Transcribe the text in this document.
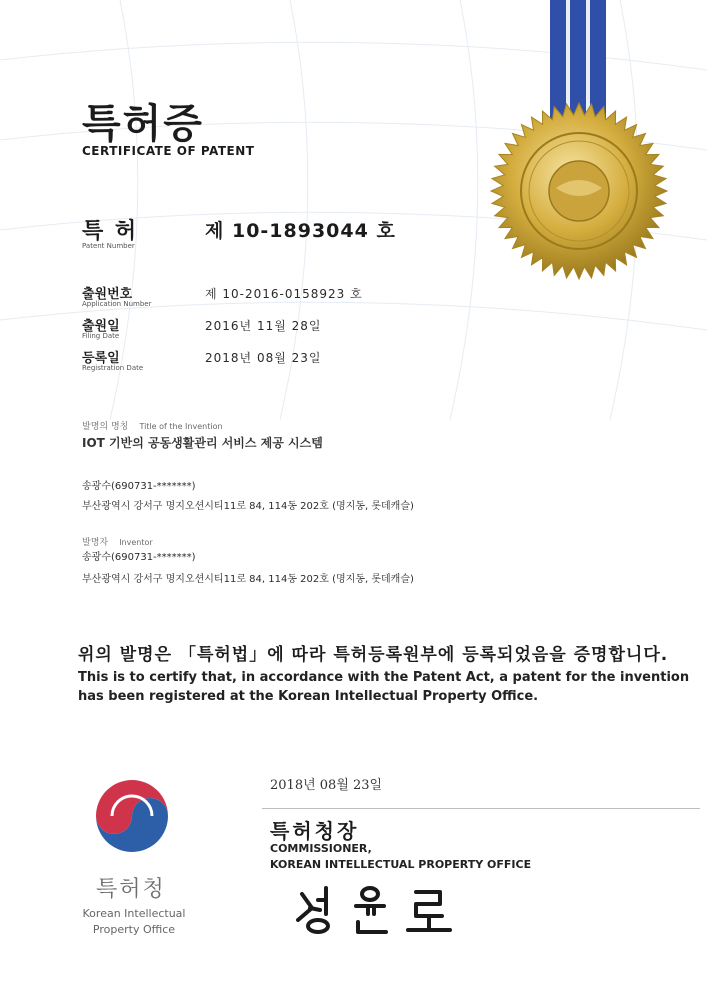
특허증
CERTIFICATE OF PATENT
특 허
Patent Number
제 10-1893044 호
출원번호
Application Number
제 10-2016-0158923 호
출원일
Filing Date
2016년 11월 28일
등록일
Registration Date
2018년 08월 23일
발명의 명칭 Title of the Invention
IOT 기반의 공동생활관리 서비스 제공 시스템
송광수(690731-*******)
부산광역시 강서구 명지오션시티11로 84, 114동 202호 (명지동, 롯데캐슬)
발명자 Inventor
송광수(690731-*******)
부산광역시 강서구 명지오션시티11로 84, 114동 202호 (명지동, 롯데캐슬)
위의 발명은 「특허법」에 따라 특허등록원부에 등록되었음을 증명합니다.
This is to certify that, in accordance with the Patent Act, a patent for the invention
has been registered at the Korean Intellectual Property Office.
2018년 08월 23일
특허청장
COMMISSIONER,
KOREAN INTELLECTUAL PROPERTY OFFICE
특허청
Korean Intellectual
Property Office
